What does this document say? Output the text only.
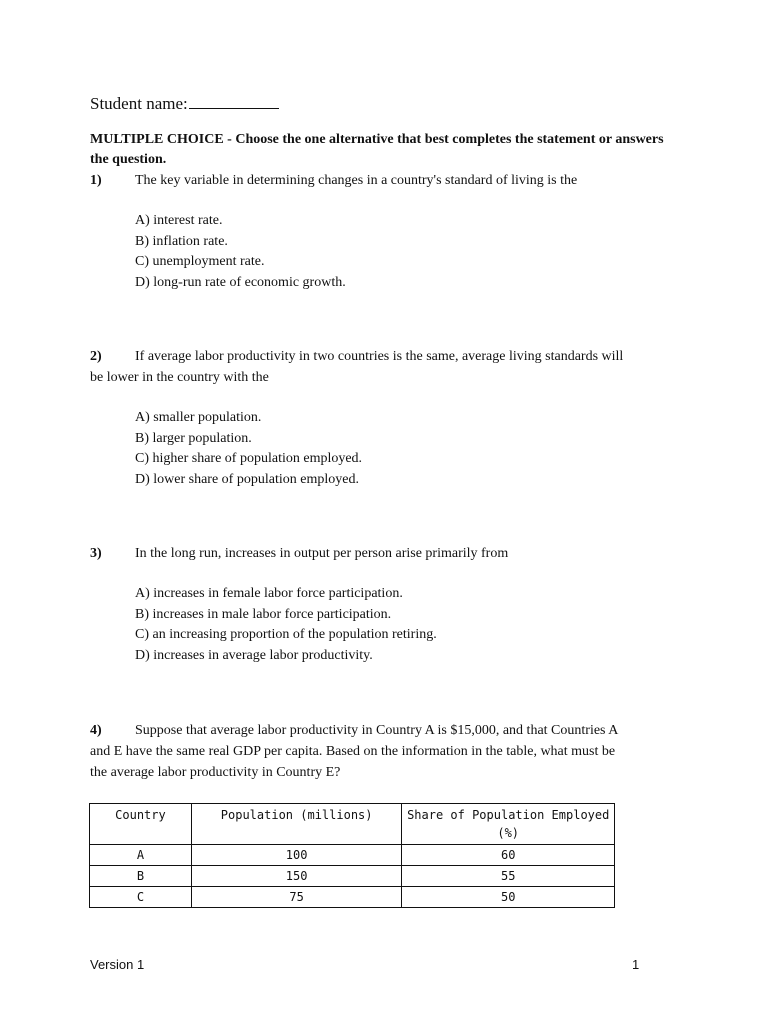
Student name:
MULTIPLE CHOICE - Choose the one alternative that best completes the statement or answers the question.
1) The key variable in determining changes in a country's standard of living is the
A) interest rate.
B) inflation rate.
C) unemployment rate.
D) long-run rate of economic growth.
2) If average labor productivity in two countries is the same, average living standards will
be lower in the country with the
A) smaller population.
B) larger population.
C) higher share of population employed.
D) lower share of population employed.
3) In the long run, increases in output per person arise primarily from
A) increases in female labor force participation.
B) increases in male labor force participation.
C) an increasing proportion of the population retiring.
D) increases in average labor productivity.
4) Suppose that average labor productivity in Country A is $15,000, and that Countries A
and E have the same real GDP per capita. Based on the information in the table, what must be
the average labor productivity in Country E?
Country	Population (millions)	Share of Population Employed (%)
A	100	60
B	150	55
C	75	50
Version 1	1
